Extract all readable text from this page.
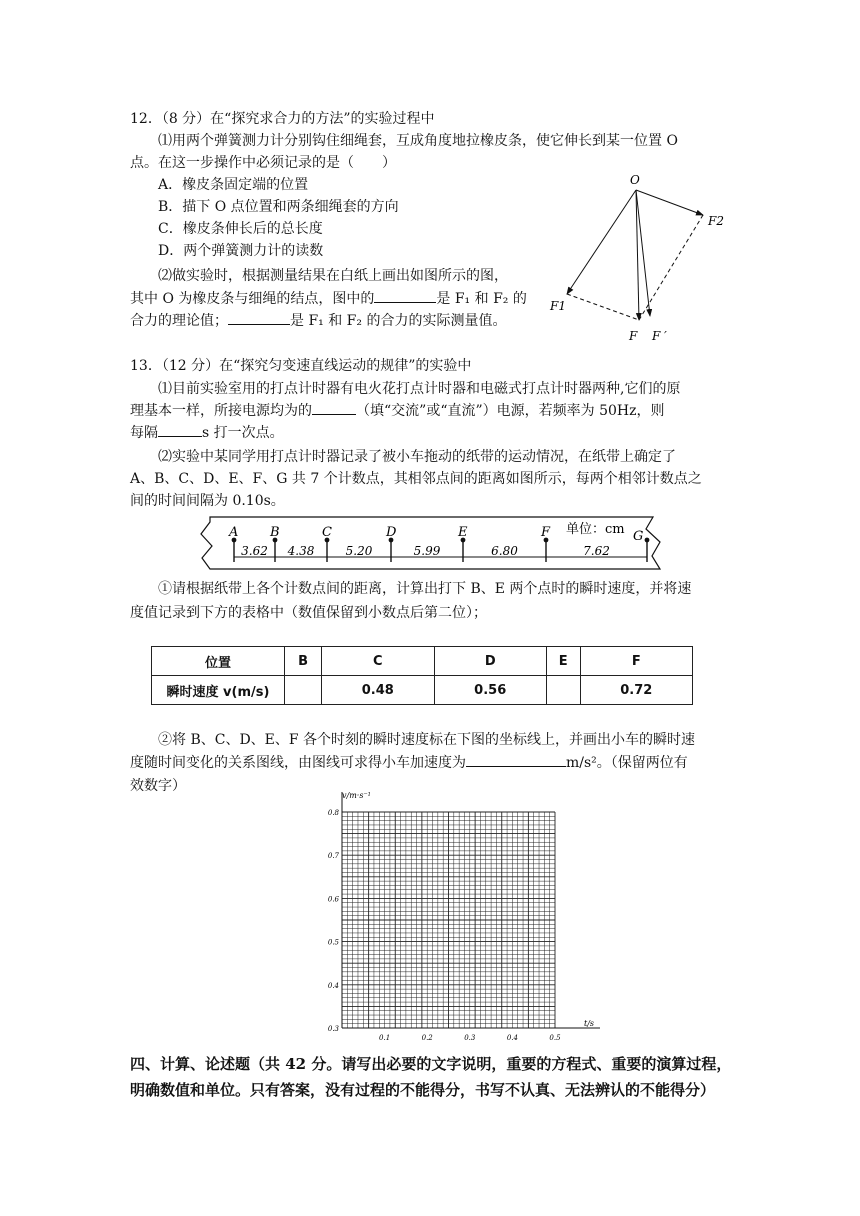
12．（8 分）在“探究求合力的方法”的实验过程中

⑴用两个弹簧测力计分别钩住细绳套，互成角度地拉橡皮条，使它伸长到某一位置 O

点。在这一步操作中必须记录的是（　　）

A．橡皮条固定端的位置
B．描下 O 点位置和两条细绳套的方向
C．橡皮条伸长后的总长度
D．两个弹簧测力计的读数

⑵做实验时，根据测量结果在白纸上画出如图所示的图，

其中 O 为橡皮条与细绳的结点，图中的	是 F₁ 和 F₂ 的

合力的理论值；	是 F₁ 和 F₂ 的合力的实际测量值。

O
F2
F1
F F ′

13．（12 分）在“探究匀变速直线运动的规律”的实验中

⑴目前实验室用的打点计时器有电火花打点计时器和电磁式打点计时器两种,它们的原

理基本一样，所接电源均为的	（填“交流”或“直流”）电源，若频率为 50Hz，则

每隔	s 打一次点。

⑵实验中某同学用打点计时器记录了被小车拖动的纸带的运动情况，在纸带上确定了

A、B、C、D、E、F、G 共 7 个计数点，其相邻点间的距离如图所示，每两个相邻计数点之

间的时间间隔为 0.10s。

单位：cm
A B	C	D	E	F	G
3.62 4.38	5.20	5.99	6.80	7.62

①请根据纸带上各个计数点间的距离，计算出打下 B、E 两个点时的瞬时速度，并将速

度值记录到下方的表格中（数值保留到小数点后第二位）；

位置	B	C	D	E	F
瞬时速度 v(m/s)		0.48	0.56		0.72

②将 B、C、D、E、F 各个时刻的瞬时速度标在下图的坐标线上，并画出小车的瞬时速

度随时间变化的关系图线，由图线可求得小车加速度为	m/s²。（保留两位有

效数字）

v/m·s⁻¹
t/s
0.8
0.7
0.6
0.5
0.4
0.3
0.1	0.2	0.3	0.4	0.5

四、计算、论述题（共 42 分。请写出必要的文字说明，重要的方程式、重要的演算过程，

明确数值和单位。只有答案，没有过程的不能得分，书写不认真、无法辨认的不能得分）
